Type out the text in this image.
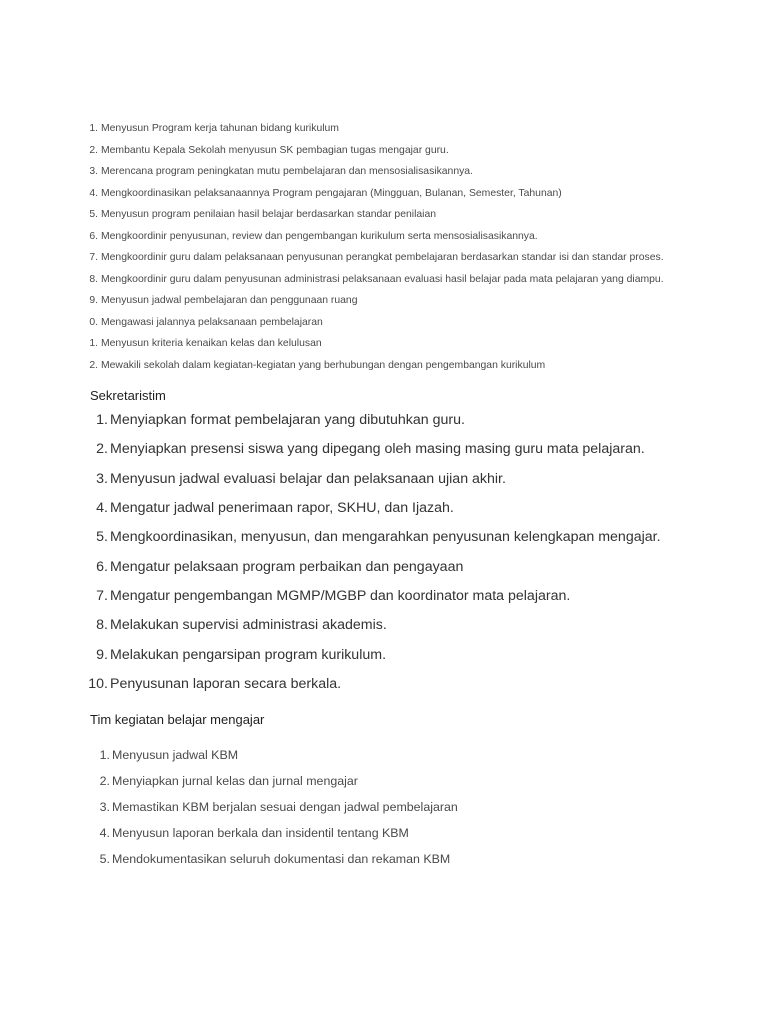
1. Menyusun Program kerja tahunan bidang kurikulum
2. Membantu Kepala Sekolah menyusun SK pembagian tugas mengajar guru.
3. Merencana program peningkatan mutu pembelajaran dan mensosialisasikannya.
4. Mengkoordinasikan pelaksanaannya Program pengajaran (Mingguan, Bulanan, Semester, Tahunan)
5. Menyusun program penilaian hasil belajar berdasarkan standar penilaian
6. Mengkoordinir penyusunan, review dan pengembangan kurikulum serta mensosialisasikannya.
7. Mengkoordinir guru dalam pelaksanaan penyusunan perangkat pembelajaran berdasarkan standar isi dan standar proses.
8. Mengkoordinir guru dalam penyusunan administrasi pelaksanaan evaluasi hasil belajar pada mata pelajaran yang diampu.
9. Menyusun jadwal pembelajaran dan penggunaan ruang
0. Mengawasi jalannya pelaksanaan pembelajaran
1. Menyusun kriteria kenaikan kelas dan kelulusan
2. Mewakili sekolah dalam kegiatan-kegiatan yang berhubungan dengan pengembangan kurikulum
Sekretaristim
1. Menyiapkan format pembelajaran yang dibutuhkan guru.
2. Menyiapkan presensi siswa yang dipegang oleh masing masing guru mata pelajaran.
3. Menyusun jadwal evaluasi belajar dan pelaksanaan ujian akhir.
4. Mengatur jadwal penerimaan rapor, SKHU, dan Ijazah.
5. Mengkoordinasikan, menyusun, dan mengarahkan penyusunan kelengkapan mengajar.
6. Mengatur pelaksaan program perbaikan dan pengayaan
7. Mengatur pengembangan MGMP/MGBP dan koordinator mata pelajaran.
8. Melakukan supervisi administrasi akademis.
9. Melakukan pengarsipan program kurikulum.
10. Penyusunan laporan secara berkala.
Tim kegiatan belajar mengajar
1. Menyusun jadwal KBM
2. Menyiapkan jurnal kelas dan jurnal mengajar
3. Memastikan KBM berjalan sesuai dengan jadwal pembelajaran
4. Menyusun laporan berkala dan insidentil tentang KBM
5. Mendokumentasikan seluruh dokumentasi dan rekaman KBM
